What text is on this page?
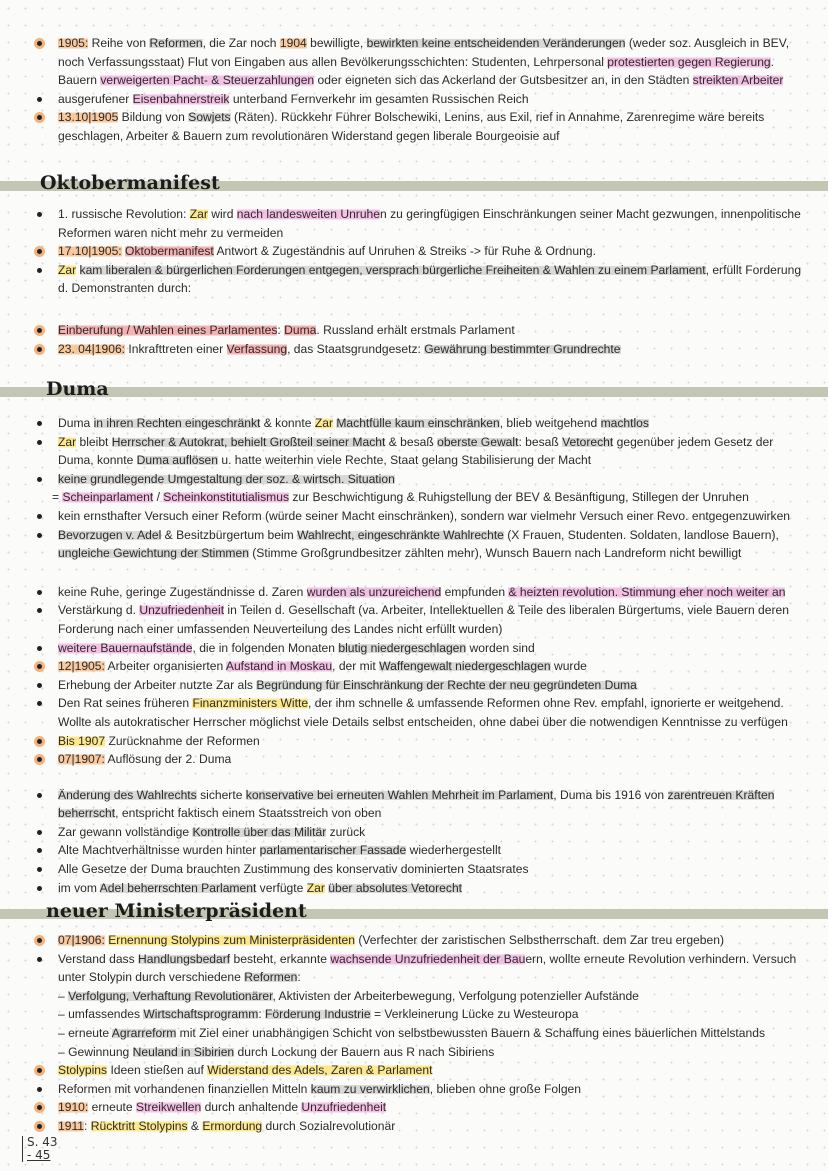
1905: Reihe von Reformen, die Zar noch 1904 bewilligte, bewirkten keine entscheidenden Veränderungen (weder soz. Ausgleich in BEV, noch Verfassungsstaat) Flut von Eingaben aus allen Bevölkerungsschichten: Studenten, Lehrpersonal protestierten gegen Regierung. Bauern verweigerten Pacht- & Steuerzahlungen oder eigneten sich das Ackerland der Gutsbesitzer an, in den Städten streikten Arbeiter
ausgerufener Eisenbahnerstreik unterband Fernverkehr im gesamten Russischen Reich
13.10|1905 Bildung von Sowjets (Räten). Rückkehr Führer Bolschewiki, Lenins, aus Exil, rief in Annahme, Zarenregime wäre bereits geschlagen, Arbeiter & Bauern zum revolutionären Widerstand gegen liberale Bourgeoisie auf
Oktobermanifest
1. russische Revolution: Zar wird nach landesweiten Unruhen zu geringfügigen Einschränkungen seiner Macht gezwungen, innenpolitische Reformen waren nicht mehr zu vermeiden
17.10|1905: Oktobermanifest Antwort & Zugeständnis auf Unruhen & Streiks -> für Ruhe & Ordnung.
Zar kam liberalen & bürgerlichen Forderungen entgegen, versprach bürgerliche Freiheiten & Wahlen zu einem Parlament, erfüllt Forderung d. Demonstranten durch:
Einberufung / Wahlen eines Parlamentes: Duma. Russland erhält erstmals Parlament
23. 04|1906: Inkrafttreten einer Verfassung, das Staatsgrundgesetz: Gewährung bestimmter Grundrechte
Duma
Duma in ihren Rechten eingeschränkt & konnte Zar Machtfülle kaum einschränken, blieb weitgehend machtlos
Zar bleibt Herrscher & Autokrat, behielt Großteil seiner Macht & besaß oberste Gewalt: besaß Vetorecht gegenüber jedem Gesetz der Duma, konnte Duma auflösen u. hatte weiterhin viele Rechte, Staat gelang Stabilisierung der Macht
keine grundlegende Umgestaltung der soz. & wirtsch. Situation
= Scheinparlament / Scheinkonstitutialismus zur Beschwichtigung & Ruhigstellung der BEV & Besänftigung, Stillegen der Unruhen
kein ernsthafter Versuch einer Reform (würde seiner Macht einschränken), sondern war vielmehr Versuch einer Revo. entgegenzuwirken
Bevorzugen v. Adel & Besitzbürgertum beim Wahlrecht, eingeschränkte Wahlrechte (X Frauen, Studenten. Soldaten, landlose Bauern), ungleiche Gewichtung der Stimmen (Stimme Großgrundbesitzer zählten mehr), Wunsch Bauern nach Landreform nicht bewilligt
keine Ruhe, geringe Zugeständnisse d. Zaren wurden als unzureichend empfunden & heizten revolution. Stimmung eher noch weiter an
Verstärkung d. Unzufriedenheit in Teilen d. Gesellschaft (va. Arbeiter, Intellektuellen & Teile des liberalen Bürgertums, viele Bauern deren Forderung nach einer umfassenden Neuverteilung des Landes nicht erfüllt wurden)
weitere Bauernaufstände, die in folgenden Monaten blutig niedergeschlagen worden sind
12|1905: Arbeiter organisierten Aufstand in Moskau, der mit Waffengewalt niedergeschlagen wurde
Erhebung der Arbeiter nutzte Zar als Begründung für Einschränkung der Rechte der neu gegründeten Duma
Den Rat seines früheren Finanzministers Witte, der ihm schnelle & umfassende Reformen ohne Rev. empfahl, ignorierte er weitgehend. Wollte als autokratischer Herrscher möglichst viele Details selbst entscheiden, ohne dabei über die notwendigen Kenntnisse zu verfügen
Bis 1907 Zurücknahme der Reformen
07|1907: Auflösung der 2. Duma
Änderung des Wahlrechts sicherte konservative bei erneuten Wahlen Mehrheit im Parlament, Duma bis 1916 von zarentreuen Kräften beherrscht, entspricht faktisch einem Staatsstreich von oben
Zar gewann vollständige Kontrolle über das Militär zurück
Alte Machtverhältnisse wurden hinter parlamentarischer Fassade wiederhergestellt
Alle Gesetze der Duma brauchten Zustimmung des konservativ dominierten Staatsrates
im vom Adel beherrschten Parlament verfügte Zar über absolutes Vetorecht
neuer Ministerpräsident
07|1906: Ernennung Stolypins zum Ministerpräsidenten (Verfechter der zaristischen Selbstherrschaft. dem Zar treu ergeben)
Verstand dass Handlungsbedarf besteht, erkannte wachsende Unzufriedenheit der Bauern, wollte erneute Revolution verhindern. Versuch unter Stolypin durch verschiedene Reformen:
– Verfolgung, Verhaftung Revolutionärer, Aktivisten der Arbeiterbewegung, Verfolgung potenzieller Aufstände
– umfassendes Wirtschaftsprogramm: Förderung Industrie = Verkleinerung Lücke zu Westeuropa
– erneute Agrarreform mit Ziel einer unabhängigen Schicht von selbstbewussten Bauern & Schaffung eines bäuerlichen Mittelstands
– Gewinnung Neuland in Sibirien durch Lockung der Bauern aus R nach Sibiriens
Stolypins Ideen stießen auf Widerstand des Adels, Zaren & Parlament
Reformen mit vorhandenen finanziellen Mitteln kaum zu verwirklichen, blieben ohne große Folgen
1910: erneute Streikwellen durch anhaltende Unzufriedenheit
1911: Rücktritt Stolypins & Ermordung durch Sozialrevolutionär
S. 43
- 45
